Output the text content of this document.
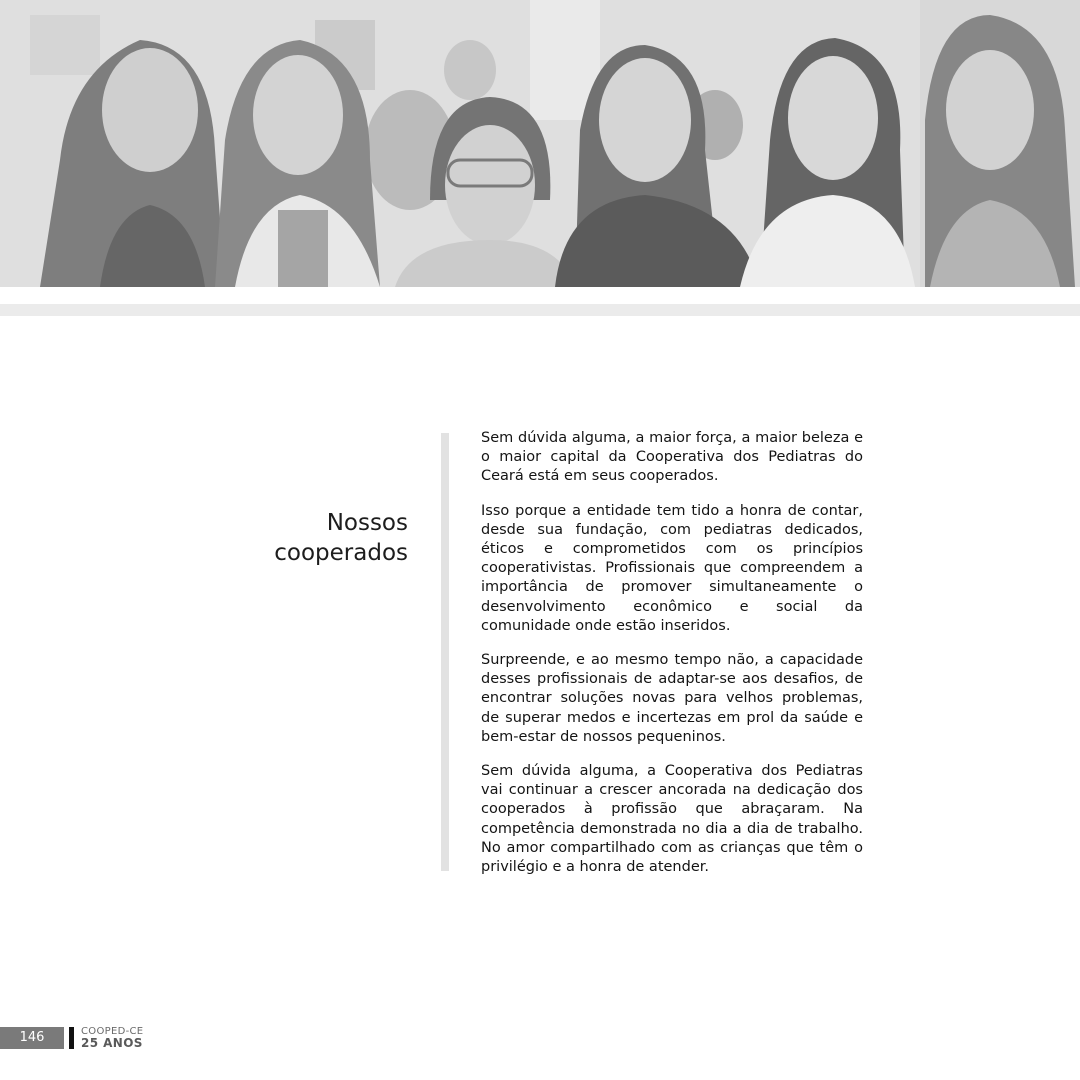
Nossos
cooperados

Sem dúvida alguma, a maior força, a maior beleza e o maior capital da Cooperativa dos Pediatras do Ceará está em seus cooperados.

Isso porque a entidade tem tido a honra de contar, desde sua fundação, com pediatras dedicados, éticos e comprometidos com os princípios cooperativistas. Profissionais que compreendem a importância de promover simultaneamente o desenvolvimento econômico e social da comunidade onde estão inseridos.

Surpreende, e ao mesmo tempo não, a capacidade desses profissionais de adaptar-se aos desafios, de encontrar soluções novas para velhos problemas, de superar medos e incertezas em prol da saúde e bem-estar de nossos pequeninos.

Sem dúvida alguma, a Cooperativa dos Pediatras vai continuar a crescer ancorada na dedicação dos cooperados à profissão que abraçaram. Na competência demonstrada no dia a dia de trabalho. No amor compartilhado com as crianças que têm o privilégio e a honra de atender.

146	COOPED-CE
25 ANOS
